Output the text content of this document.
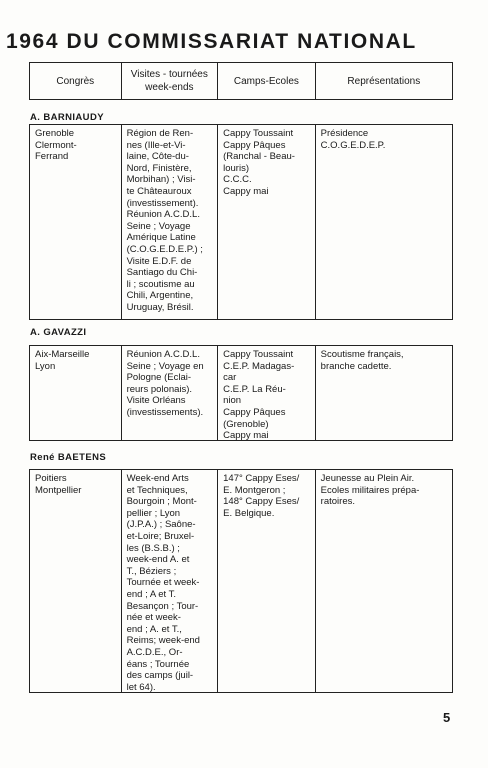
1964 DU COMMISSARIAT NATIONAL
Congrès
Visites - tournées
week-ends
Camps-Ecoles	Représentations
A. BARNIAUDY
Grenoble
Clermont-
Ferrand
Région de Ren-
nes (Ille-et-Vi-
laine, Côte-du-
Nord, Finistère,
Morbihan) ; Visi-
te Châteauroux
(investissement).
Réunion A.C.D.L.
Seine ; Voyage
Amérique Latine
(C.O.G.E.D.E.P.) ;
Visite E.D.F. de
Santiago du Chi-
li ; scoutisme au
Chili, Argentine,
Uruguay, Brésil.
Cappy Toussaint
Cappy Pâques
(Ranchal - Beau-
louris)
C.C.C.
Cappy mai
Présidence
C.O.G.E.D.E.P.
A. GAVAZZI
Aix-Marseille
Lyon
Réunion A.C.D.L.
Seine ; Voyage en
Pologne (Eclai-
reurs polonais).
Visite Orléans
(investissements).
Cappy Toussaint
C.E.P. Madagas-
car
C.E.P. La Réu-
nion
Cappy Pâques
(Grenoble)
Cappy mai
Scoutisme français,
branche cadette.
René BAETENS
Poitiers
Montpellier
Week-end Arts
et Techniques,
Bourgoin ; Mont-
pellier ; Lyon
(J.P.A.) ; Saône-
et-Loire; Bruxel-
les (B.S.B.) ;
week-end A. et
T., Béziers ;
Tournée et week-
end ; A et T.
Besançon ; Tour-
née et week-
end ; A. et T.,
Reims; week-end
A.C.D.E., Or-
éans ; Tournée
des camps (juil-
let 64).
147° Cappy Eses/
E. Montgeron ;
148° Cappy Eses/
E. Belgique.
Jeunesse au Plein Air.
Ecoles militaires prépa-
ratoires.
5
